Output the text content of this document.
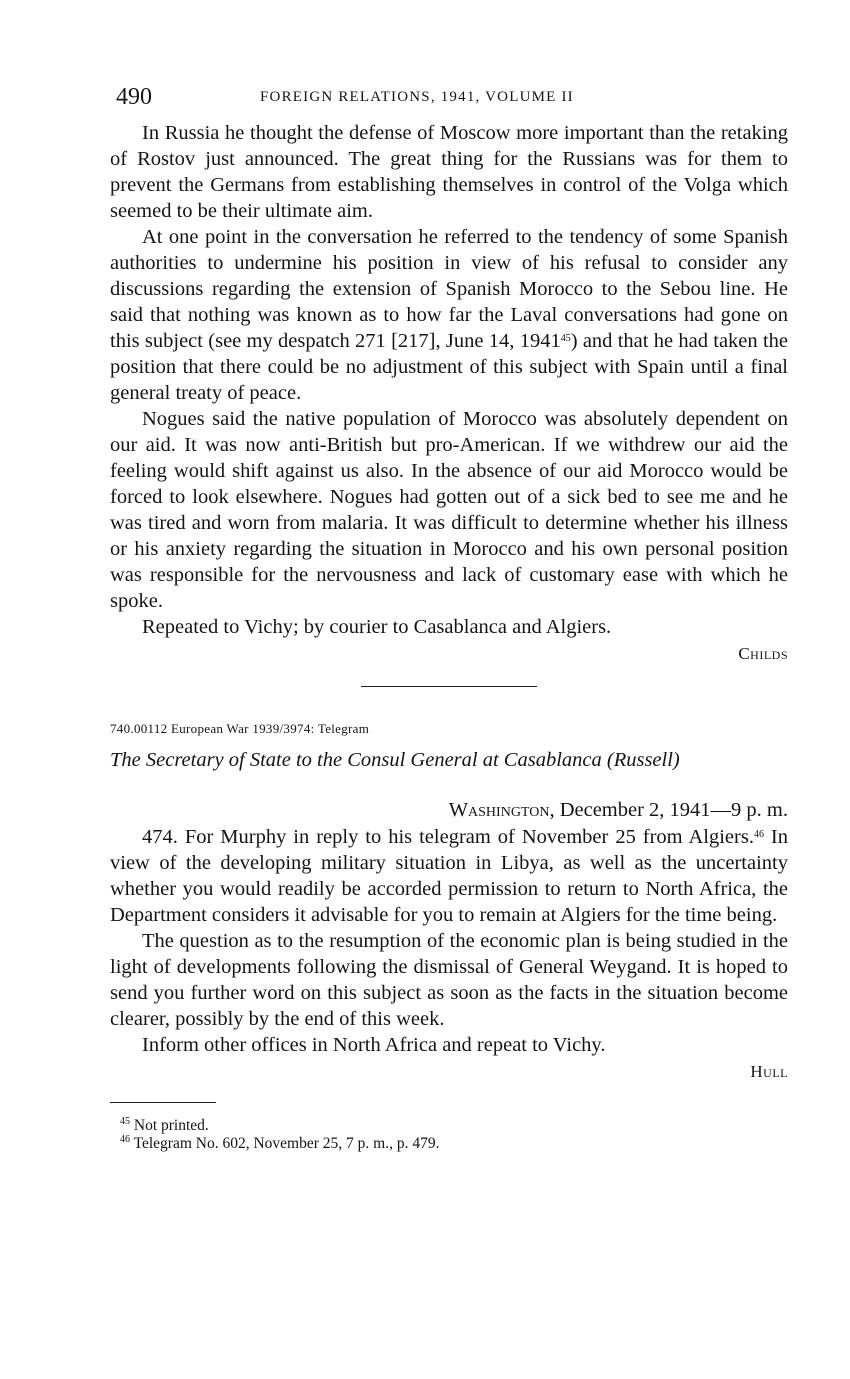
490	FOREIGN RELATIONS, 1941, VOLUME II

In Russia he thought the defense of Moscow more important than the retaking of Rostov just announced. The great thing for the Russians was for them to prevent the Germans from establishing themselves in control of the Volga which seemed to be their ultimate aim.

At one point in the conversation he referred to the tendency of some Spanish authorities to undermine his position in view of his refusal to consider any discussions regarding the extension of Spanish Morocco to the Sebou line. He said that nothing was known as to how far the Laval conversations had gone on this subject (see my despatch 271 [217], June 14, 1941$^{45}$) and that he had taken the position that there could be no adjustment of this subject with Spain until a final general treaty of peace.

Nogues said the native population of Morocco was absolutely dependent on our aid. It was now anti-British but pro-American. If we withdrew our aid the feeling would shift against us also. In the absence of our aid Morocco would be forced to look elsewhere. Nogues had gotten out of a sick bed to see me and he was tired and worn from malaria. It was difficult to determine whether his illness or his anxiety regarding the situation in Morocco and his own personal position was responsible for the nervousness and lack of customary ease with which he spoke.

Repeated to Vichy; by courier to Casablanca and Algiers.

Childs
740.00112 European War 1939/3974: Telegram
The Secretary of State to the Consul General at Casablanca (Russell)
Washington, December 2, 1941—9 p. m.

474. For Murphy in reply to his telegram of November 25 from Algiers.$^{46}$ In view of the developing military situation in Libya, as well as the uncertainty whether you would readily be accorded permission to return to North Africa, the Department considers it advisable for you to remain at Algiers for the time being.

The question as to the resumption of the economic plan is being studied in the light of developments following the dismissal of General Weygand. It is hoped to send you further word on this subject as soon as the facts in the situation become clearer, possibly by the end of this week.

Inform other offices in North Africa and repeat to Vichy.

Hull
$^{45}$ Not printed.
$^{46}$ Telegram No. 602, November 25, 7 p. m., p. 479.
